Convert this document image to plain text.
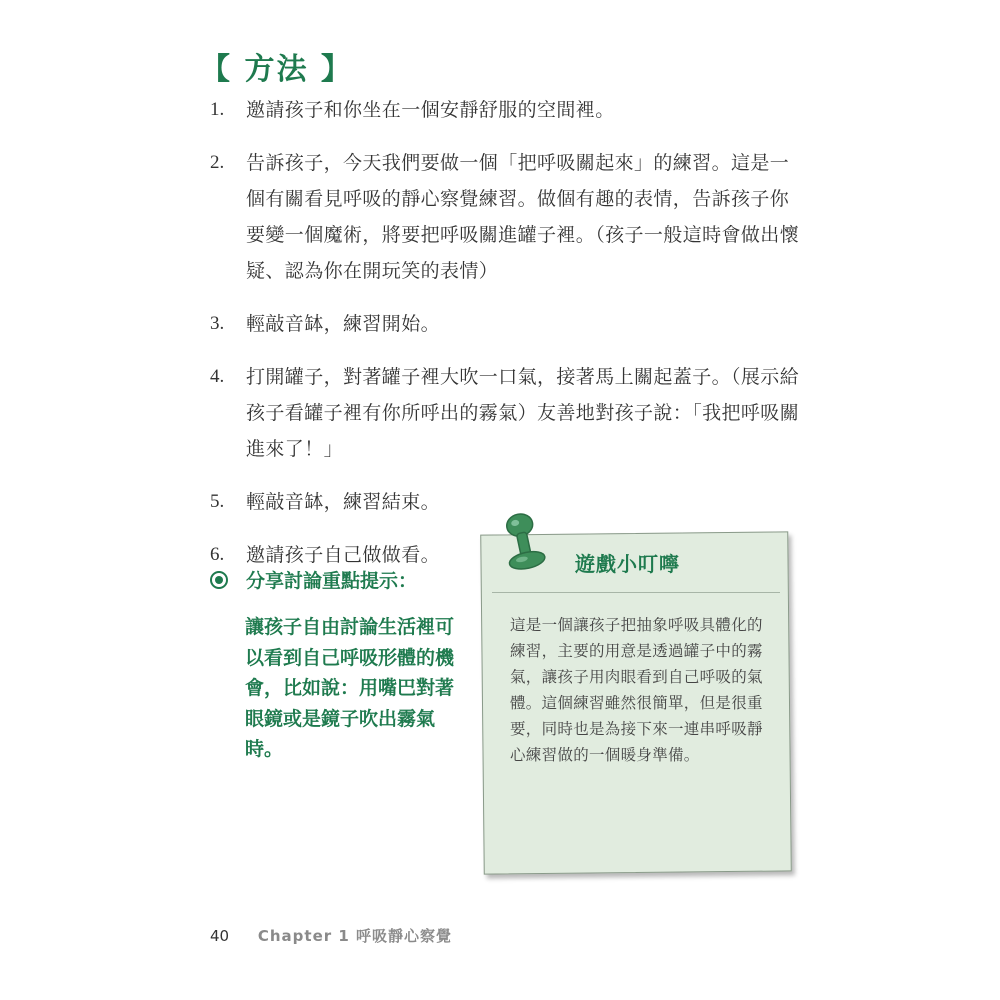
【 方法 】
1.	邀請孩子和你坐在一個安靜舒服的空間裡。
2.	告訴孩子，今天我們要做一個「把呼吸關起來」的練習。這是一個有關看見呼吸的靜心察覺練習。做個有趣的表情，告訴孩子你要變一個魔術，將要把呼吸關進罐子裡。（孩子一般這時會做出懷疑、認為你在開玩笑的表情）
3.	輕敲音缽，練習開始。
4.	打開罐子，對著罐子裡大吹一口氣，接著馬上關起蓋子。（展示給孩子看罐子裡有你所呼出的霧氣）友善地對孩子說：「我把呼吸關進來了！」
5.	輕敲音缽，練習結束。
6.	邀請孩子自己做做看。
分享討論重點提示：
讓孩子自由討論生活裡可以看到自己呼吸形體的機會，比如說：用嘴巴對著眼鏡或是鏡子吹出霧氣時。
遊戲小叮嚀
這是一個讓孩子把抽象呼吸具體化的練習，主要的用意是透過罐子中的霧氣，讓孩子用肉眼看到自己呼吸的氣體。這個練習雖然很簡單，但是很重要，同時也是為接下來一連串呼吸靜心練習做的一個暖身準備。
40 Chapter 1 呼吸靜心察覺
